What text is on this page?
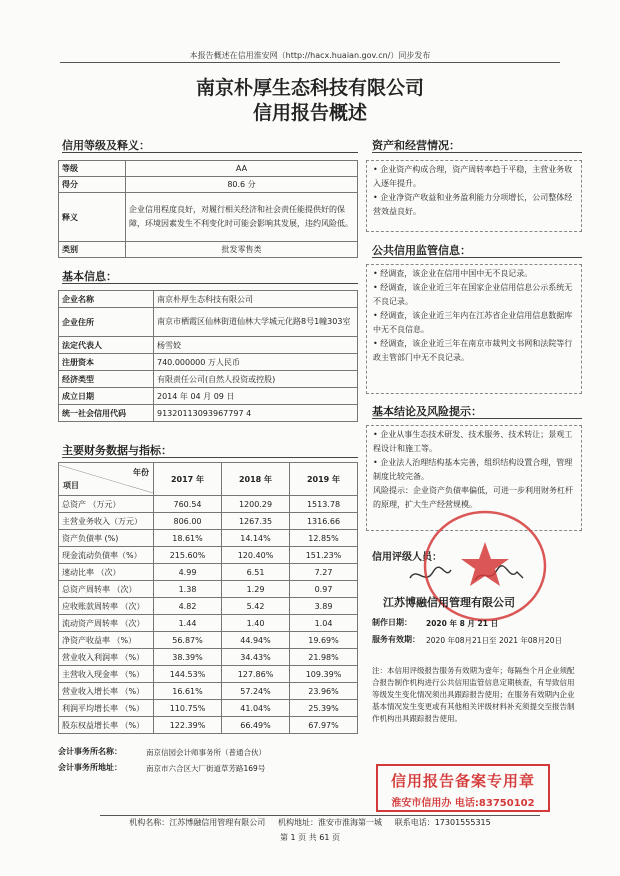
本报告概述在信用淮安网（http://hacx.huaian.gov.cn/）同步发布
南京朴厚生态科技有限公司
信用报告概述
信用等级及释义：
等级	AA
得分	80.6 分
释义	企业信用程度良好，对履行相关经济和社会责任能提供好的保障，环境因素发生不利变化时可能会影响其发展，违约风险低。
类别	批发零售类
基本信息：
企业名称	南京朴厚生态科技有限公司
企业住所	南京市栖霞区仙林街道仙林大学城元化路8号1幢303室
法定代表人	杨雪姣
注册资本	740.000000 万人民币
经济类型	有限责任公司(自然人投资或控股)
成立日期	2014 年 04 月 09 日
统一社会信用代码	91320113093967797 4
主要财务数据与指标：
年份
项目	2017 年	2018 年	2019 年
总资产 （万元）	760.54	1200.29	1513.78
主营业务收入（万元）	806.00	1267.35	1316.66
资产负债率 (%)	18.61%	14.14%	12.85%
现金流动负债率（%）	215.60%	120.40%	151.23%
速动比率 （次）	4.99	6.51	7.27
总资产周转率 （次）	1.38	1.29	0.97
应收账款周转率 （次）	4.82	5.42	3.89
流动资产周转率 （次）	1.44	1.40	1.04
净资产收益率 （%）	56.87%	44.94%	19.69%
营业收入利润率 （%）	38.39%	34.43%	21.98%
主营收入现金率 （%）	144.53%	127.86%	109.39%
营业收入增长率 （%）	16.61%	57.24%	23.96%
利润平均增长率 （%）	110.75%	41.04%	25.39%
股东权益增长率 （%）	122.39%	66.49%	67.97%
会计事务所名称：	南京信园会计师事务所（普通合伙）
会计事务所地址：	南京市六合区大厂街道草芳路169号
资产和经营情况：

• 企业资产构成合理，资产周转率趋于平稳，主营业务收入逐年提升。

• 企业净资产收益和业务盈利能力分项增长，公司整体经营效益良好。

公共信用监管信息：

• 经调查，该企业在信用中国中无不良记录。

• 经调查，该企业近三年在国家企业信用信息公示系统无不良记录。

• 经调查，该企业近三年内在江苏省企业信用信息数据库中无不良信息。

• 经调查，该企业近三年在南京市裁判文书网和法院等行政主管部门中无不良记录。

基本结论及风险提示：

• 企业从事生态技术研发、技术服务、技术转让；景观工程设计和施工等。

• 企业法人治理结构基本完善，组织结构设置合理，管理制度比较完备。

风险提示：企业资产负债率偏低，可进一步利用财务杠杆的原理，扩大生产经营规模。

信用评级人员：
江苏博融信用管理有限公司
制作日期： 2020 年 8 月 21 日
服务有效期： 2020 年08月21日至 2021 年08月20日
注：本信用评级报告服务有效期为壹年；每隔叁个月企业须配合报告制作机构进行公共信用监管信息定期核查，有导致信用等级发生变化情况须出具跟踪报告使用；在服务有效期内企业基本情况发生变更或有其他相关评级材料补充须提交至报告制作机构出具跟踪报告使用。
信用报告备案专用章
淮安市信用办 电话:83750102
机构名称：江苏博融信用管理有限公司 机构地址：淮安市淮海第一城 联系电话：17301555315
第 1 页 共 61 页
